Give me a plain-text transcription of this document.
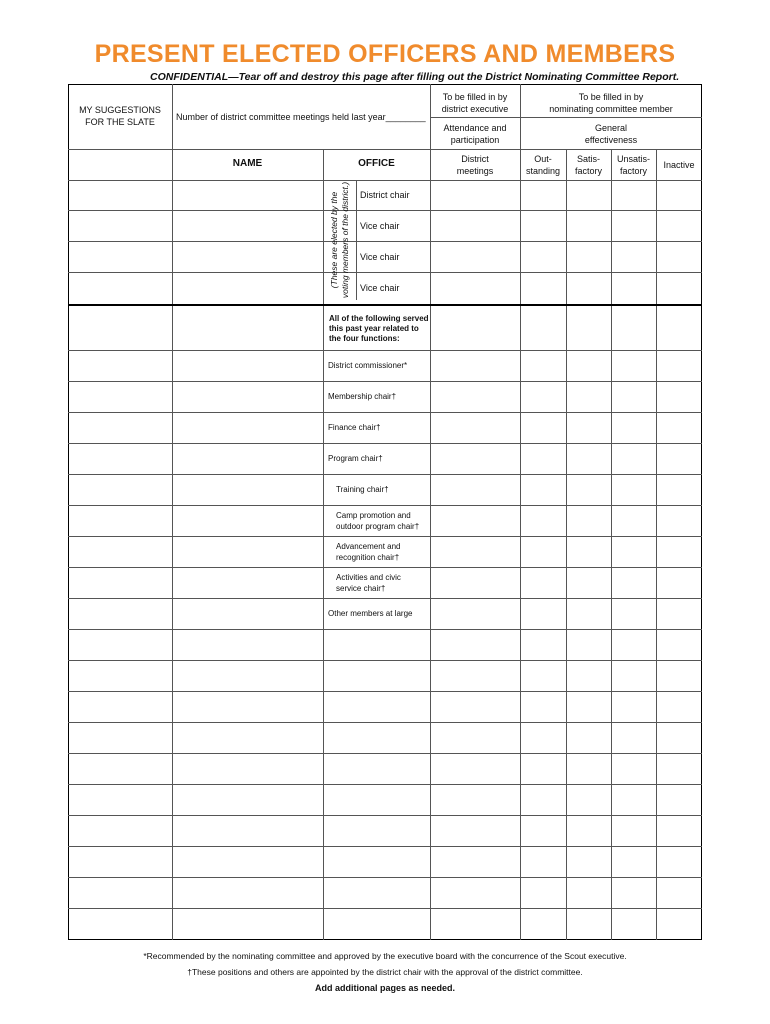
PRESENT ELECTED OFFICERS AND MEMBERS
CONFIDENTIAL—Tear off and destroy this page after filling out the District Nominating Committee Report.
MY SUGGESTIONS
FOR THE SLATE	Number of district committee meetings held last year________
NAME	OFFICE
To be filled in by
district executive
To be filled in by
nominating committee member
Attendance and
participation
General
effectiveness
District
meetings
Out-
standing
Satis-
factory
Unsatis-
factory
Inactive
(These are elected by the voting members of the district.) District chair
Vice chair
Vice chair
Vice chair
All of the following served
this past year related to
the four functions:
District commissioner*
Membership chair†
Finance chair†
Program chair†
Training chair†
Camp promotion and
outdoor program chair†
Advancement and
recognition chair†
Activities and civic
service chair†
Other members at large
*Recommended by the nominating committee and approved by the executive board with the concurrence of the Scout executive.
†These positions and others are appointed by the district chair with the approval of the district committee.
Add additional pages as needed.
